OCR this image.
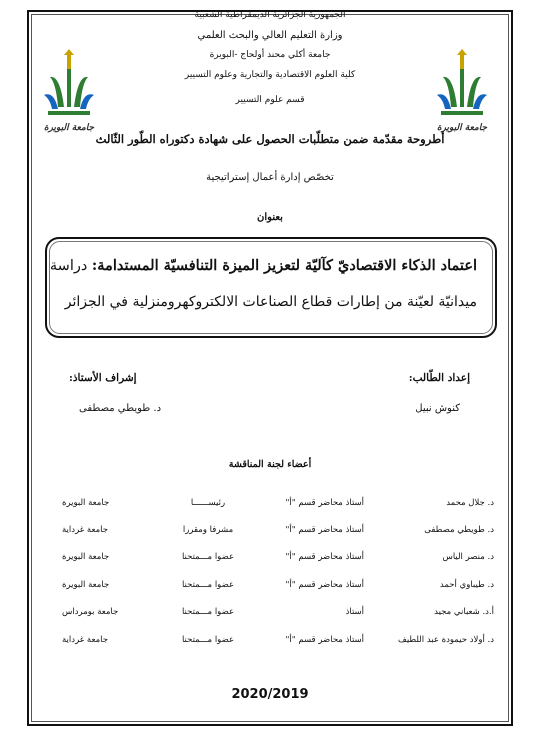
جامعة البويرة	جامعة البويرة
الجمهورية الجزائرية الديمقراطية الشعبية
وزارة التعليم العالي والبحث العلمي
جامعة أكلي محند أولحاج -البويرة
كلية العلوم الاقتصادية والتجارية وعلوم التسيير
قسم علوم التسيير
أطروحة مقدّمة ضمن متطلّبات الحصول على شهادة دكتوراه الطّور الثّالث
تخصّص إدارة أعمال إستراتيجية
بعنوان
اعتماد الذكاء الاقتصاديّ كآليّة لتعزيز الميزة التنافسيّة المستدامة: دراسة
ميدانيّة لعيّنة من إطارات قطاع الصناعات الالكتروكهرومنزلية في الجزائر
إعداد الطّالب:
كنوش نبيل
إشراف الأستاذ:
د. طويطي مصطفى
أعضاء لجنة المناقشة
د. جلال محمد	أستاذ محاضر قسم "أ"	رئيســــــا	جامعة البويرة
د. طويطي مصطفى	أستاذ محاضر قسم "أ"	مشرفا ومقررا	جامعة غرداية
د. منصر الياس	أستاذ محاضر قسم "أ"	عضوا مـــمتحنا	جامعة البويرة
د. طيباوي أحمد	أستاذ محاضر قسم "أ"	عضوا مـــمتحنا	جامعة البويرة
أ.د. شعباني مجيد	أستاذ	عضوا مـــمتحنا	جامعة بومرداس
د. أولاد حيمودة عبد اللطيف	أستاذ محاضر قسم "أ"	عضوا مـــمتحنا	جامعة غرداية
2020/2019
